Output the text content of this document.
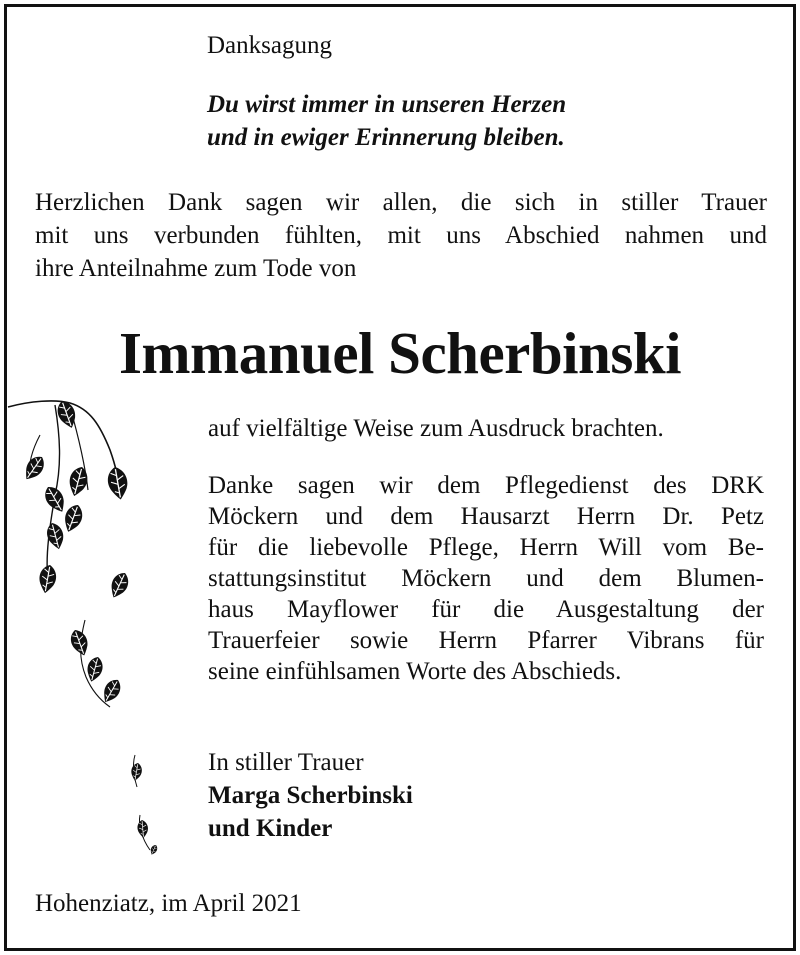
Danksagung
Du wirst immer in unseren Herzen
und in ewiger Erinnerung bleiben.
Herzlichen Dank sagen wir allen, die sich in stiller Trauer
mit uns verbunden fühlten, mit uns Abschied nahmen und
ihre Anteilnahme zum Tode von
Immanuel Scherbinski
auf vielfältige Weise zum Ausdruck brachten.
Danke sagen wir dem Pflegedienst des DRK
Möckern und dem Hausarzt Herrn Dr. Petz
für die liebevolle Pflege, Herrn Will vom Be-
stattungsinstitut Möckern und dem Blumen-
haus Mayflower für die Ausgestaltung der
Trauerfeier sowie Herrn Pfarrer Vibrans für
seine einfühlsamen Worte des Abschieds.
In stiller Trauer
Marga Scherbinski
und Kinder
Hohenziatz, im April 2021
